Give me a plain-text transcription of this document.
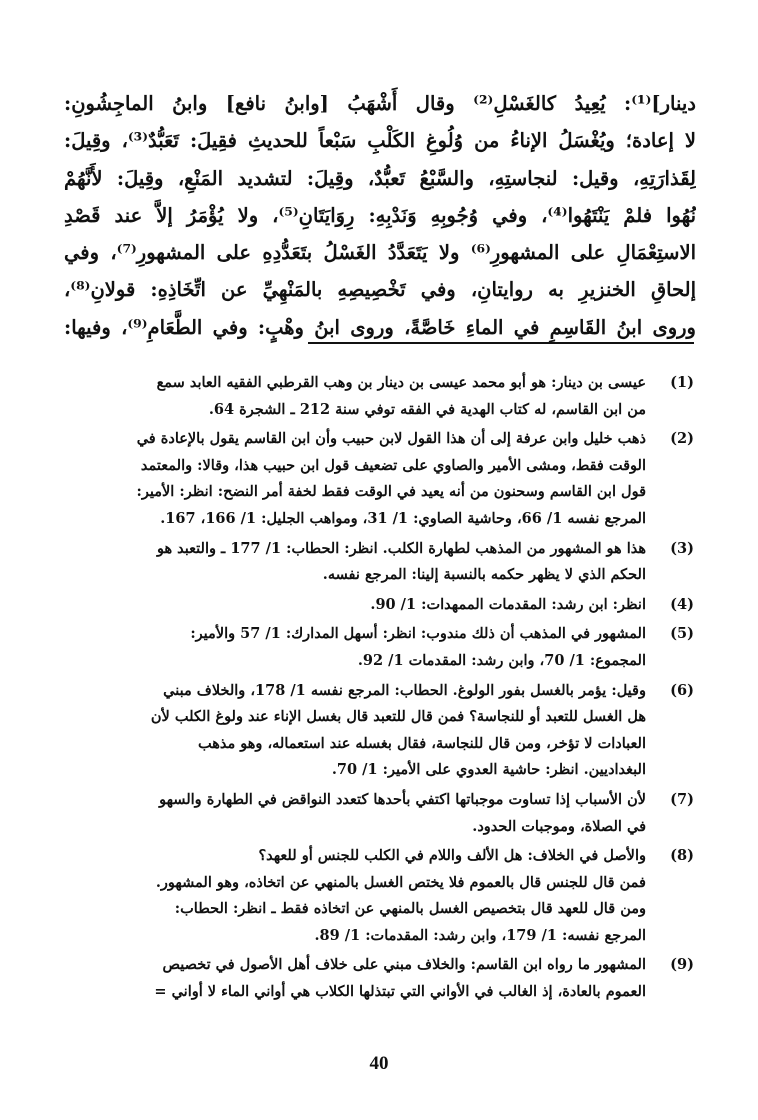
دينار]⁽¹⁾: يُعِيدُ كالغَسْلِ⁽²⁾ وقال أَشْهَبُ [وابنُ نافع] وابنُ الماجِشُونِ:
لا إعادة؛ ويُغْسَلُ الإناءُ من وُلُوغِ الكَلْبِ سَبْعاً للحديثِ فقِيلَ: تَعَبُّدٌ⁽³⁾، وقِيلَ:
لِقَذارَتِهِ، وقيل: لنجاستِهِ، والسَّبْعُ تَعبُّدٌ، وقِيلَ: لتشديد المَنْعِ، وقِيلَ: لأَنَّهُمْ
نُهُوا فلمْ يَنْتَهُوا⁽⁴⁾، وفي وُجُوبِهِ وَنَدْبِهِ: رِوَايَتَانِ⁽⁵⁾، ولا يُؤْمَرُ إلاَّ عند قَصْدِ
الاستِعْمَالِ على المشهورِ⁽⁶⁾ ولا يَتَعَدَّدُ الغَسْلُ بتَعَدُّدِهِ على المشهورِ⁽⁷⁾، وفي
إلحاقِ الخنزيرِ به روايتانِ، وفي تَخْصِيصِهِ بالمَنْهِيِّ عن اتِّخَاذِهِ: قولانِ⁽⁸⁾،
وروى ابنُ القَاسِمِ في الماءِ خَاصَّةً، وروى ابنُ وهْبٍ: وفي الطَّعَامِ⁽⁹⁾، وفيها:
(1)
عيسى بن دينار: هو أبو محمد عيسى بن دينار بن وهب القرطبي الفقيه العابد سمع
من ابن القاسم، له كتاب الهدية في الفقه توفي سنة 212 ـ الشجرة 64.
(2)
ذهب خليل وابن عرفة إلى أن هذا القول لابن حبيب وأن ابن القاسم يقول بالإعادة في
الوقت فقط، ومشى الأمير والصاوي على تضعيف قول ابن حبيب هذا، وقالا: والمعتمد
قول ابن القاسم وسحنون من أنه يعيد في الوقت فقط لخفة أمر النضح: انظر: الأمير:
المرجع نفسه 1/ 66، وحاشية الصاوي: 1/ 31، ومواهب الجليل: 1/ 166، 167.
(3)
هذا هو المشهور من المذهب لطهارة الكلب. انظر: الحطاب: 1/ 177 ـ والتعبد هو
الحكم الذي لا يظهر حكمه بالنسبة إلينا: المرجع نفسه.
(4)
انظر: ابن رشد: المقدمات الممهدات: 1/ 90.
(5)
المشهور في المذهب أن ذلك مندوب: انظر: أسهل المدارك: 1/ 57 والأمير:
المجموع: 1/ 70، وابن رشد: المقدمات 1/ 92.
(6)
وقيل: يؤمر بالغسل بفور الولوغ. الحطاب: المرجع نفسه 1/ 178، والخلاف مبني
هل الغسل للتعبد أو للنجاسة؟ فمن قال للتعبد قال بغسل الإناء عند ولوغ الكلب لأن
العبادات لا تؤخر، ومن قال للنجاسة، فقال بغسله عند استعماله، وهو مذهب
البغداديين. انظر: حاشية العدوي على الأمير: 1/ 70.
(7)
لأن الأسباب إذا تساوت موجباتها اكتفي بأحدها كتعدد النواقض في الطهارة والسهو
في الصلاة، وموجبات الحدود.
(8)
والأصل في الخلاف: هل الألف واللام في الكلب للجنس أو للعهد؟
فمن قال للجنس قال بالعموم فلا يختص الغسل بالمنهي عن اتخاذه، وهو المشهور.
ومن قال للعهد قال بتخصيص الغسل بالمنهي عن اتخاذه فقط ـ انظر: الحطاب:
المرجع نفسه: 1/ 179، وابن رشد: المقدمات: 1/ 89.
(9)
المشهور ما رواه ابن القاسم: والخلاف مبني على خلاف أهل الأصول في تخصيص
العموم بالعادة، إذ الغالب في الأواني التي تبتذلها الكلاب هي أواني الماء لا أواني =
40
